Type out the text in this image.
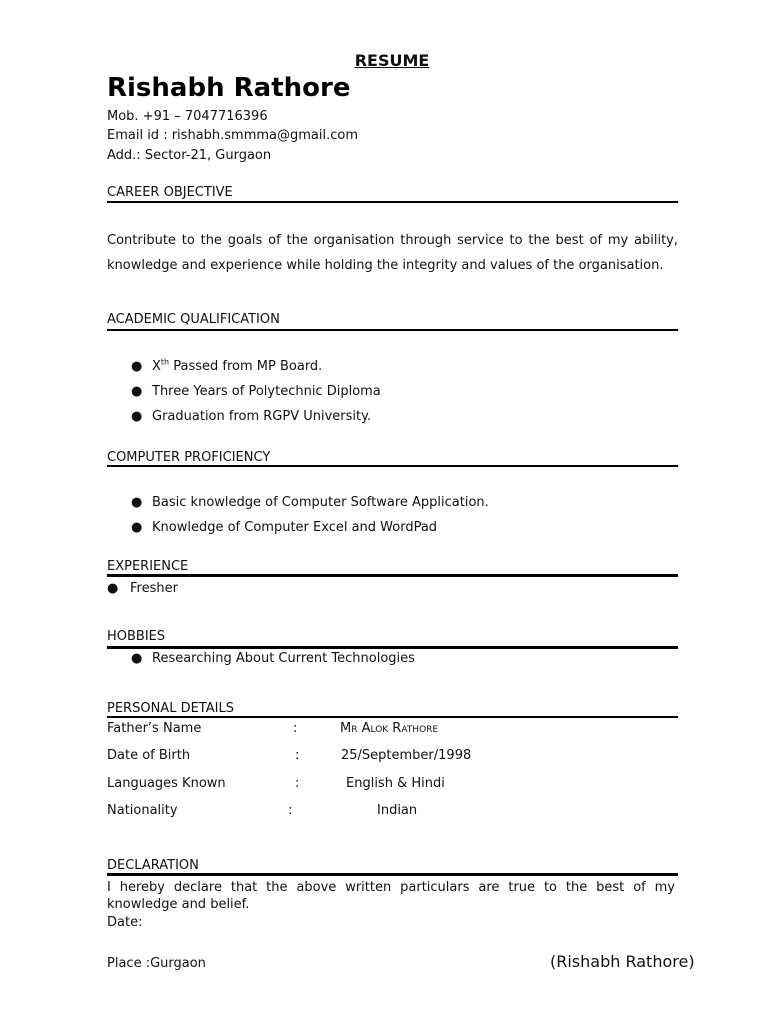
RESUME
Rishabh Rathore
Mob. +91 – 7047716396
Email id : rishabh.smmma@gmail.com
Add.: Sector-21, Gurgaon
CAREER OBJECTIVE
Contribute to the goals of the organisation through service to the best of my ability, knowledge and experience while holding the integrity and values of the organisation.
ACADEMIC QUALIFICATION
● Xth Passed from MP Board.
● Three Years of Polytechnic Diploma
● Graduation from RGPV University.
COMPUTER PROFICIENCY
● Basic knowledge of Computer Software Application.
● Knowledge of Computer Excel and WordPad
EXPERIENCE
● Fresher
HOBBIES
● Researching About Current Technologies
PERSONAL DETAILS
Father’s Name	:	Mr Alok Rathore
Date of Birth	:	25/September/1998
Languages Known	:	English & Hindi
Nationality	:	Indian
DECLARATION
I hereby declare that the above written particulars are true to the best of my knowledge and belief.
Date:
Place :Gurgaon	(Rishabh Rathore)
